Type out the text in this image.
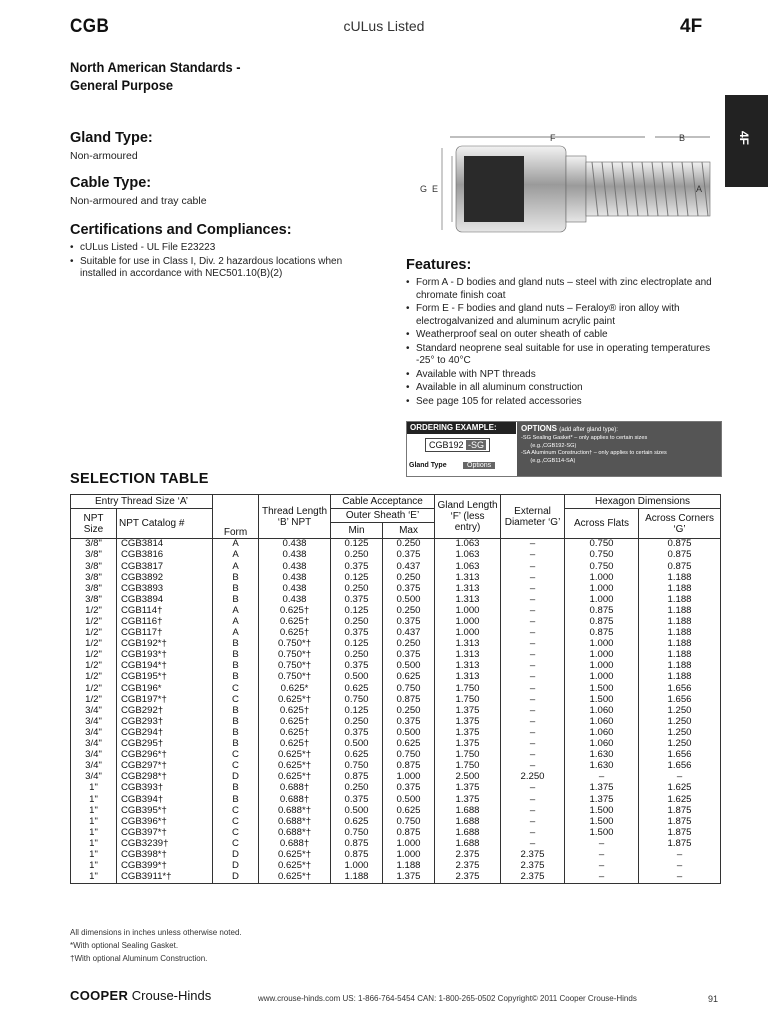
CGB	cULus Listed	4F
4F
North American Standards -
General Purpose
Gland Type:
Non-armoured
Cable Type:
Non-armoured and tray cable
Certifications and Compliances:
• cULus Listed - UL File E23223
• Suitable for use in Class I, Div. 2 hazardous locations when installed in accordance with NEC501.10(B)(2)
F	B
G E	A
Features:
• Form A - D bodies and gland nuts – steel with zinc electroplate and chromate finish coat
• Form E - F bodies and gland nuts – Feraloy® iron alloy with electrogalvanized and aluminum acrylic paint
• Weatherproof seal on outer sheath of cable
• Standard neoprene seal suitable for use in operating temperatures -25° to 40°C
• Available with NPT threads
• Available in all aluminum construction
• See page 105 for related accessories
ORDERING EXAMPLE:
CGB192 -SG
Gland Type	Options
OPTIONS (add after gland type):
-SG Sealing Gasket* – only applies to certain sizes
(e.g.,CGB192-SG)
-SA Aluminum Construction† – only applies to certain sizes
(e.g.,CGB114-SA)
SELECTION TABLE
Entry Thread Size ‘A’		Form	Thread Length ‘B’ NPT	Cable Acceptance		Gland Length ‘F’ (less entry)	External Diameter ‘G’	Hexagon Dimensions	
NPT Size	NPT Catalog #			Outer Sheath ‘E’				Across Flats	Across Corners ‘G’
				Min	Max				
3/8"	CGB3814	A	0.438	0.125	0.250	1.063	–	0.750	0.875
3/8"	CGB3816	A	0.438	0.250	0.375	1.063	–	0.750	0.875
3/8"	CGB3817	A	0.438	0.375	0.437	1.063	–	0.750	0.875
3/8"	CGB3892	B	0.438	0.125	0.250	1.313	–	1.000	1.188
3/8"	CGB3893	B	0.438	0.250	0.375	1.313	–	1.000	1.188
3/8"	CGB3894	B	0.438	0.375	0.500	1.313	–	1.000	1.188
1/2"	CGB114†	A	0.625†	0.125	0.250	1.000	–	0.875	1.188
1/2"	CGB116†	A	0.625†	0.250	0.375	1.000	–	0.875	1.188
1/2"	CGB117†	A	0.625†	0.375	0.437	1.000	–	0.875	1.188
1/2"	CGB192*†	B	0.750*†	0.125	0.250	1.313	–	1.000	1.188
1/2"	CGB193*†	B	0.750*†	0.250	0.375	1.313	–	1.000	1.188
1/2"	CGB194*†	B	0.750*†	0.375	0.500	1.313	–	1.000	1.188
1/2"	CGB195*†	B	0.750*†	0.500	0.625	1.313	–	1.000	1.188
1/2"	CGB196*	C	0.625*	0.625	0.750	1.750	–	1.500	1.656
1/2"	CGB197*†	C	0.625*†	0.750	0.875	1.750	–	1.500	1.656
3/4"	CGB292†	B	0.625†	0.125	0.250	1.375	–	1.060	1.250
3/4"	CGB293†	B	0.625†	0.250	0.375	1.375	–	1.060	1.250
3/4"	CGB294†	B	0.625†	0.375	0.500	1.375	–	1.060	1.250
3/4"	CGB295†	B	0.625†	0.500	0.625	1.375	–	1.060	1.250
3/4"	CGB296*†	C	0.625*†	0.625	0.750	1.750	–	1.630	1.656
3/4"	CGB297*†	C	0.625*†	0.750	0.875	1.750	–	1.630	1.656
3/4"	CGB298*†	D	0.625*†	0.875	1.000	2.500	2.250	–	–
1"	CGB393†	B	0.688†	0.250	0.375	1.375	–	1.375	1.625
1"	CGB394†	B	0.688†	0.375	0.500	1.375	–	1.375	1.625
1"	CGB395*†	C	0.688*†	0.500	0.625	1.688	–	1.500	1.875
1"	CGB396*†	C	0.688*†	0.625	0.750	1.688	–	1.500	1.875
1"	CGB397*†	C	0.688*†	0.750	0.875	1.688	–	1.500	1.875
1"	CGB3239†	C	0.688†	0.875	1.000	1.688	–	–	1.875
1"	CGB398*†	D	0.625*†	0.875	1.000	2.375	2.375	–	–
1"	CGB399*†	D	0.625*†	1.000	1.188	2.375	2.375	–	–
1"	CGB3911*†	D	0.625*†	1.188	1.375	2.375	2.375	–	–
All dimensions in inches unless otherwise noted.
*With optional Sealing Gasket.
†With optional Aluminum Construction.
COOPER Crouse-Hinds	www.crouse-hinds.com US: 1-866-764-5454 CAN: 1-800-265-0502 Copyright© 2011 Cooper Crouse-Hinds	91
